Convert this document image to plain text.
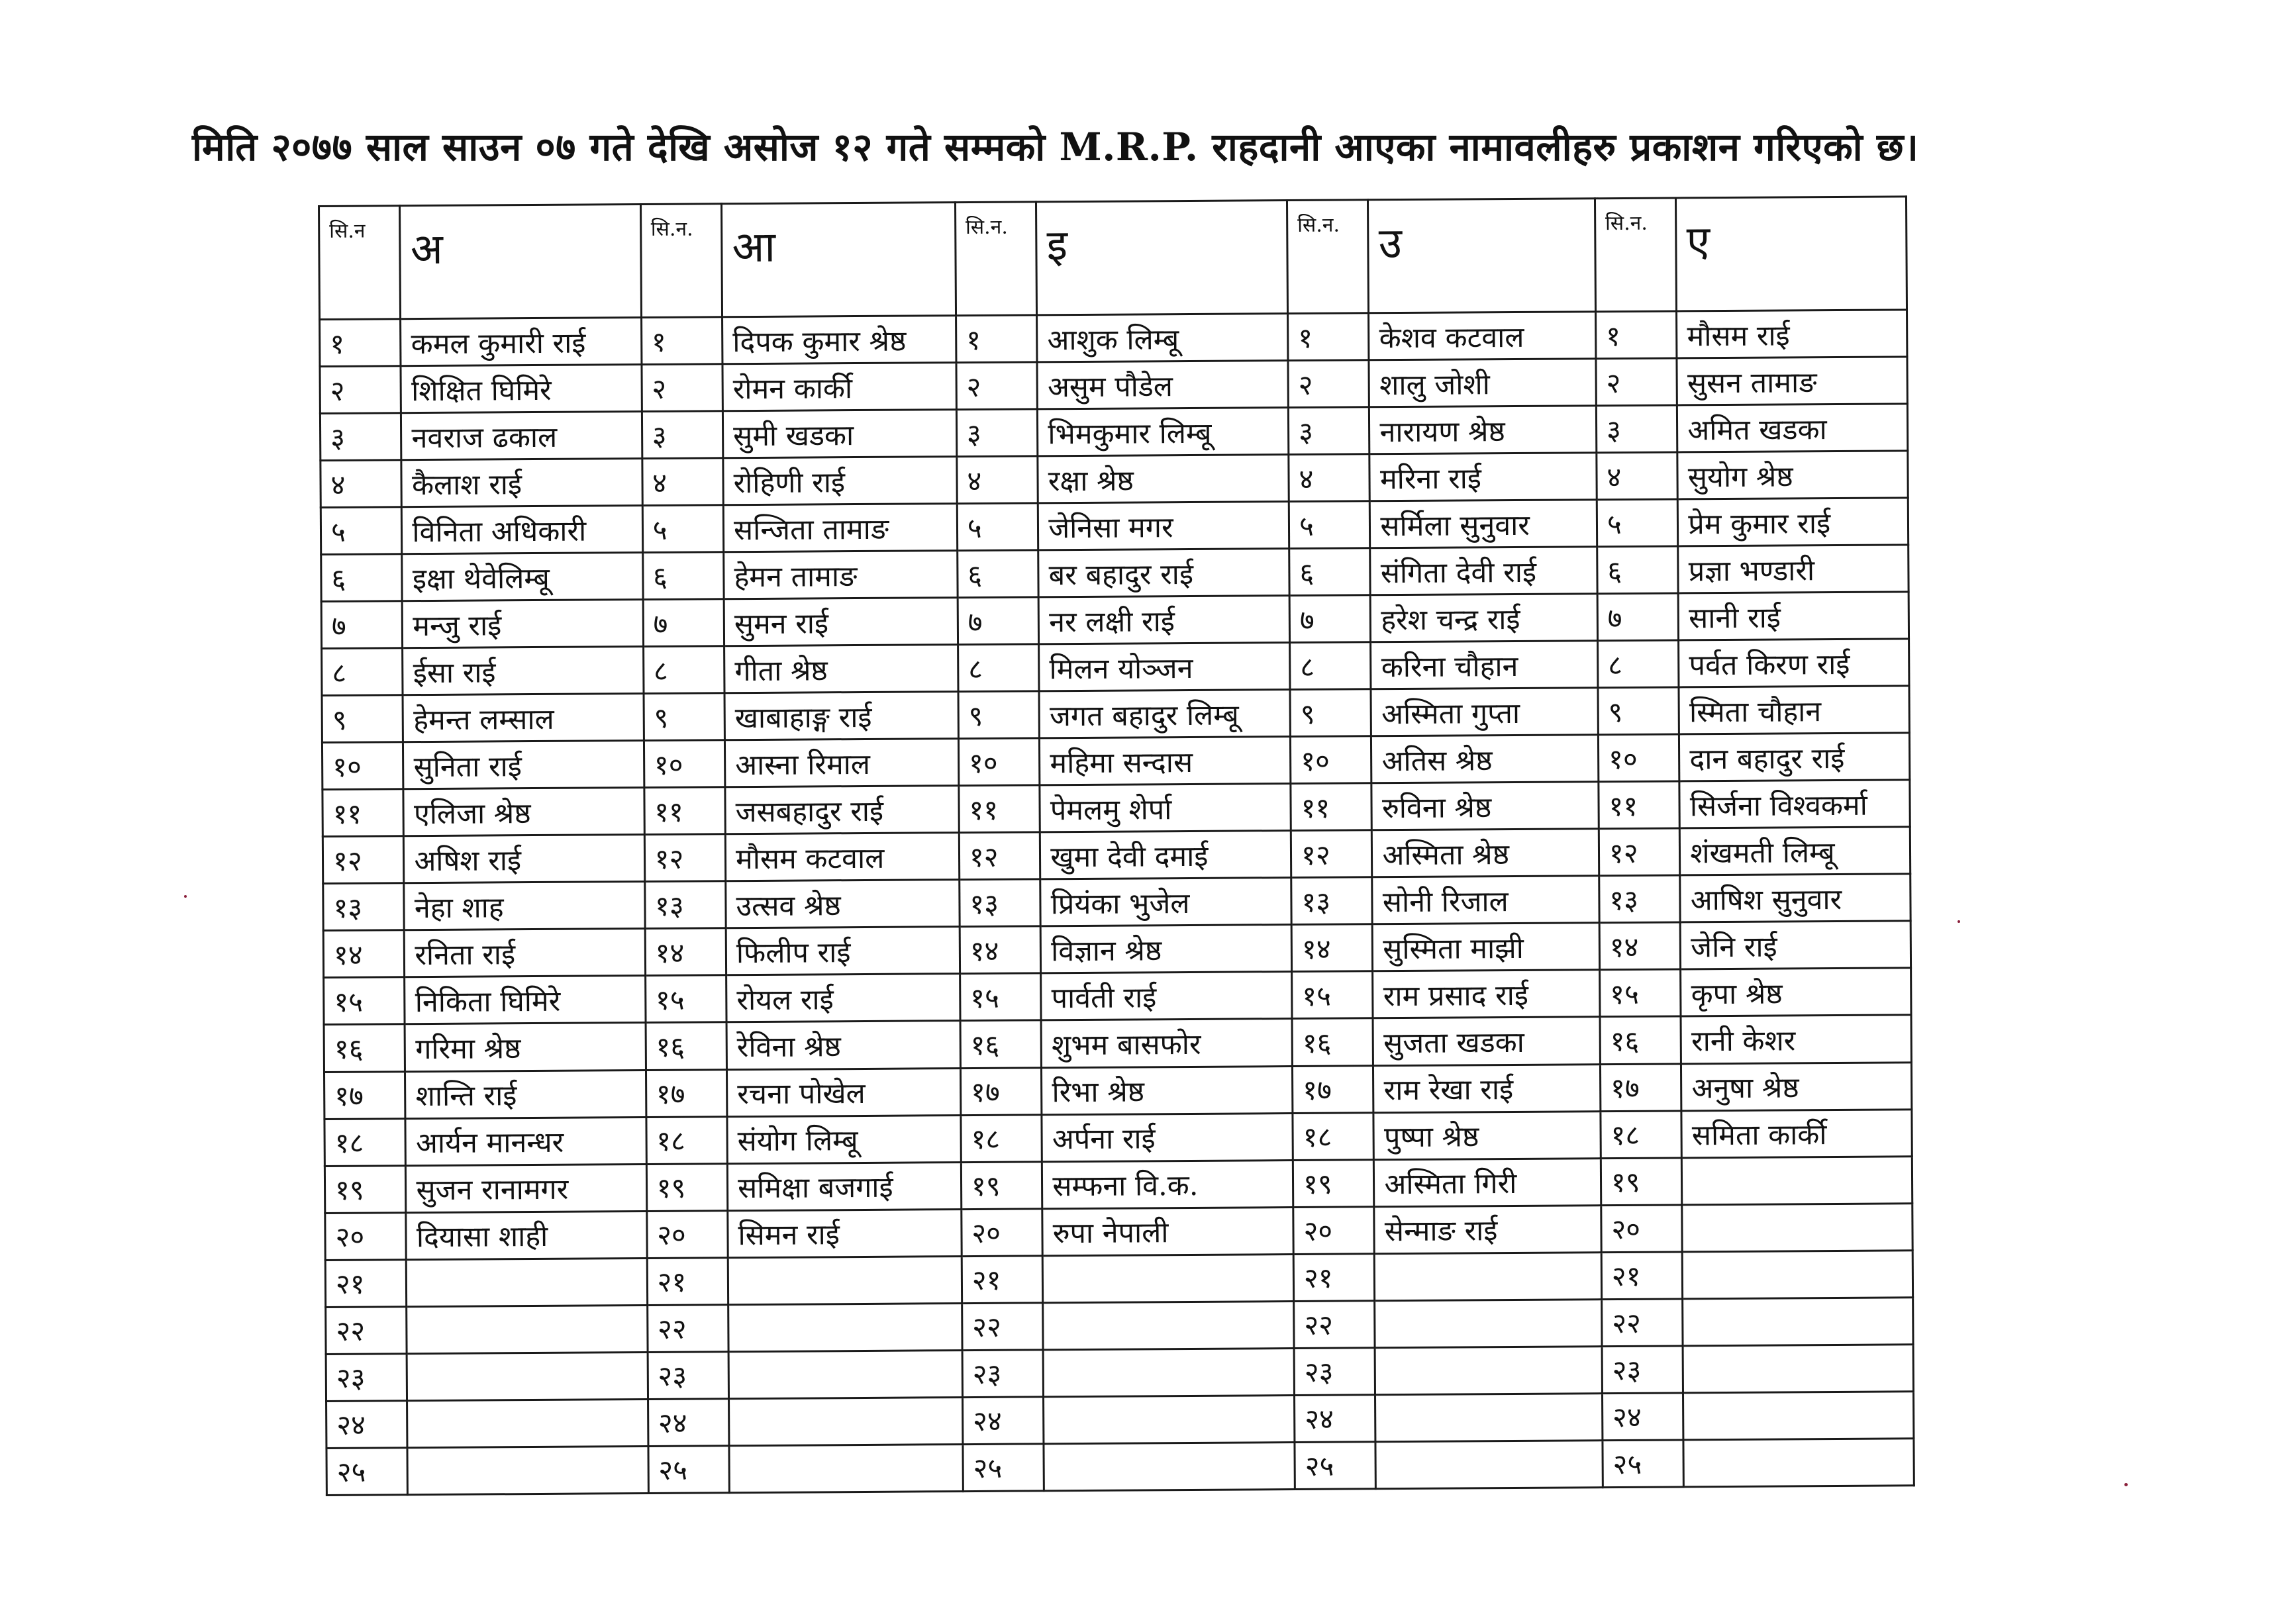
मिति २०७७ साल साउन ०७ गते देखि असोज १२ गते सम्मको M.R.P. राहदानी आएका नामावलीहरु प्रकाशन गरिएको छ।
सि.न	अ	सि.न.	आ	सि.न.	इ	सि.न.	उ	सि.न.	ए
१	कमल कुमारी राई	१	दिपक कुमार श्रेष्ठ	१	आशुक लिम्बू	१	केशव कटवाल	१	मौसम राई
२	शिक्षित घिमिरे	२	रोमन कार्की	२	असुम पौडेल	२	शालु जोशी	२	सुसन तामाङ
३	नवराज ढकाल	३	सुमी खडका	३	भिमकुमार लिम्बू	३	नारायण श्रेष्ठ	३	अमित खडका
४	कैलाश राई	४	रोहिणी राई	४	रक्षा श्रेष्ठ	४	मरिना राई	४	सुयोग श्रेष्ठ
५	विनिता अधिकारी	५	सन्जिता तामाङ	५	जेनिसा मगर	५	सर्मिला सुनुवार	५	प्रेम कुमार राई
६	इक्षा थेवेलिम्बू	६	हेमन तामाङ	६	बर बहादुर राई	६	संगिता देवी राई	६	प्रज्ञा भण्डारी
७	मन्जु राई	७	सुमन राई	७	नर लक्षी राई	७	हरेश चन्द्र राई	७	सानी राई
८	ईसा राई	८	गीता श्रेष्ठ	८	मिलन योञ्जन	८	करिना चौहान	८	पर्वत किरण राई
९	हेमन्त लम्साल	९	खाबाहाङ्ग राई	९	जगत बहादुर लिम्बू	९	अस्मिता गुप्ता	९	स्मिता चौहान
१०	सुनिता राई	१०	आस्ना रिमाल	१०	महिमा सन्दास	१०	अतिस श्रेष्ठ	१०	दान बहादुर राई
११	एलिजा श्रेष्ठ	११	जसबहादुर राई	११	पेमलमु शेर्पा	११	रुविना श्रेष्ठ	११	सिर्जना विश्वकर्मा
१२	अषिश राई	१२	मौसम कटवाल	१२	खुमा देवी दमाई	१२	अस्मिता श्रेष्ठ	१२	शंखमती लिम्बू
१३	नेहा शाह	१३	उत्सव श्रेष्ठ	१३	प्रियंका भुजेल	१३	सोनी रिजाल	१३	आषिश सुनुवार
१४	रनिता राई	१४	फिलीप राई	१४	विज्ञान श्रेष्ठ	१४	सुस्मिता माझी	१४	जेनि राई
१५	निकिता घिमिरे	१५	रोयल राई	१५	पार्वती राई	१५	राम प्रसाद राई	१५	कृपा श्रेष्ठ
१६	गरिमा श्रेष्ठ	१६	रेविना श्रेष्ठ	१६	शुभम बासफोर	१६	सुजता खडका	१६	रानी केशर
१७	शान्ति राई	१७	रचना पोखेल	१७	रिभा श्रेष्ठ	१७	राम रेखा राई	१७	अनुषा श्रेष्ठ
१८	आर्यन मानन्धर	१८	संयोग लिम्बू	१८	अर्पना राई	१८	पुष्पा श्रेष्ठ	१८	समिता कार्की
१९	सुजन रानामगर	१९	समिक्षा बजगाई	१९	सम्फना वि.क.	१९	अस्मिता गिरी	१९	
२०	दियासा शाही	२०	सिमन राई	२०	रुपा नेपाली	२०	सेन्माङ राई	२०	
२१		२१		२१		२१		२१	
२२		२२		२२		२२		२२	
२३		२३		२३		२३		२३	
२४		२४		२४		२४		२४	
२५		२५		२५		२५		२५	
